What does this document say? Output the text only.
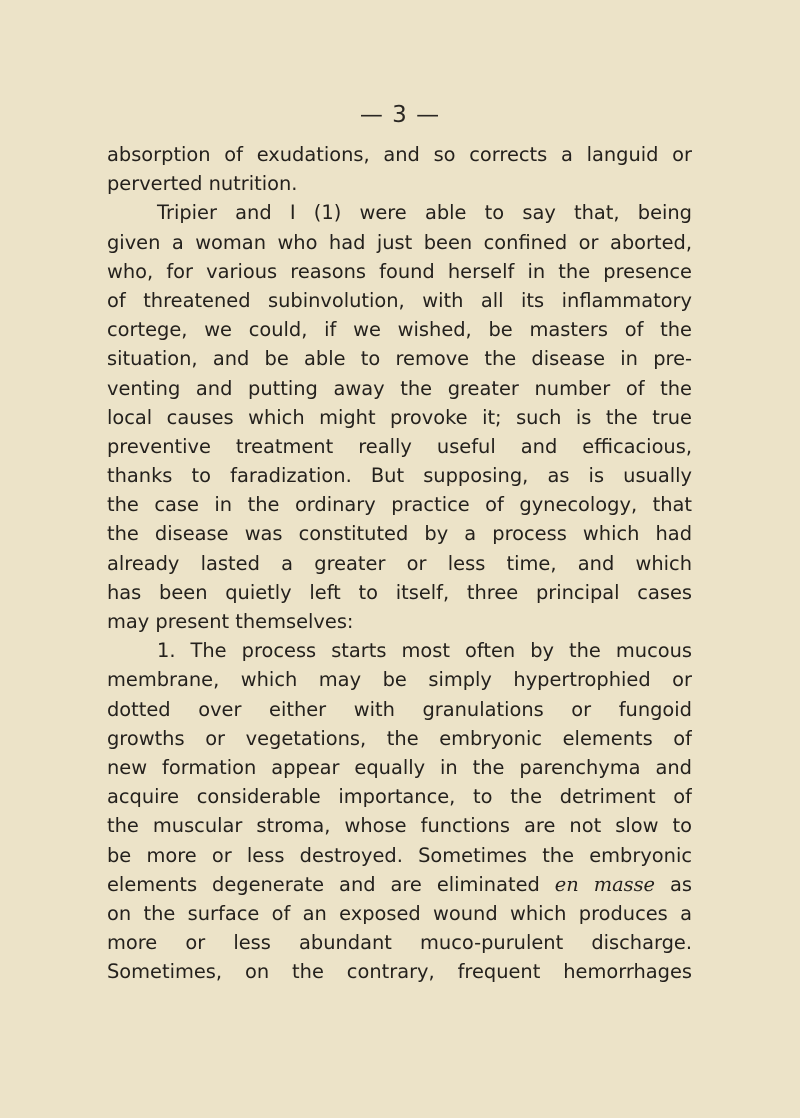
— 3 —
absorption of exudations, and so corrects a languid or
perverted nutrition.
Tripier and I (1) were able to say that, being
given a woman who had just been confined or aborted,
who, for various reasons found herself in the presence
of threatened subinvolution, with all its inflammatory
cortege, we could, if we wished, be masters of the
situation, and be able to remove the disease in pre-
venting and putting away the greater number of the
local causes which might provoke it; such is the true
preventive treatment really useful and efficacious,
thanks to faradization. But supposing, as is usually
the case in the ordinary practice of gynecology, that
the disease was constituted by a process which had
already lasted a greater or less time, and which
has been quietly left to itself, three principal cases
may present themselves:
1. The process starts most often by the mucous
membrane, which may be simply hypertrophied or
dotted over either with granulations or fungoid
growths or vegetations, the embryonic elements of
new formation appear equally in the parenchyma and
acquire considerable importance, to the detriment of
the muscular stroma, whose functions are not slow to
be more or less destroyed. Sometimes the embryonic
elements degenerate and are eliminated en masse as
on the surface of an exposed wound which produces a
more or less abundant muco-purulent discharge.
Sometimes, on the contrary, frequent hemorrhages
